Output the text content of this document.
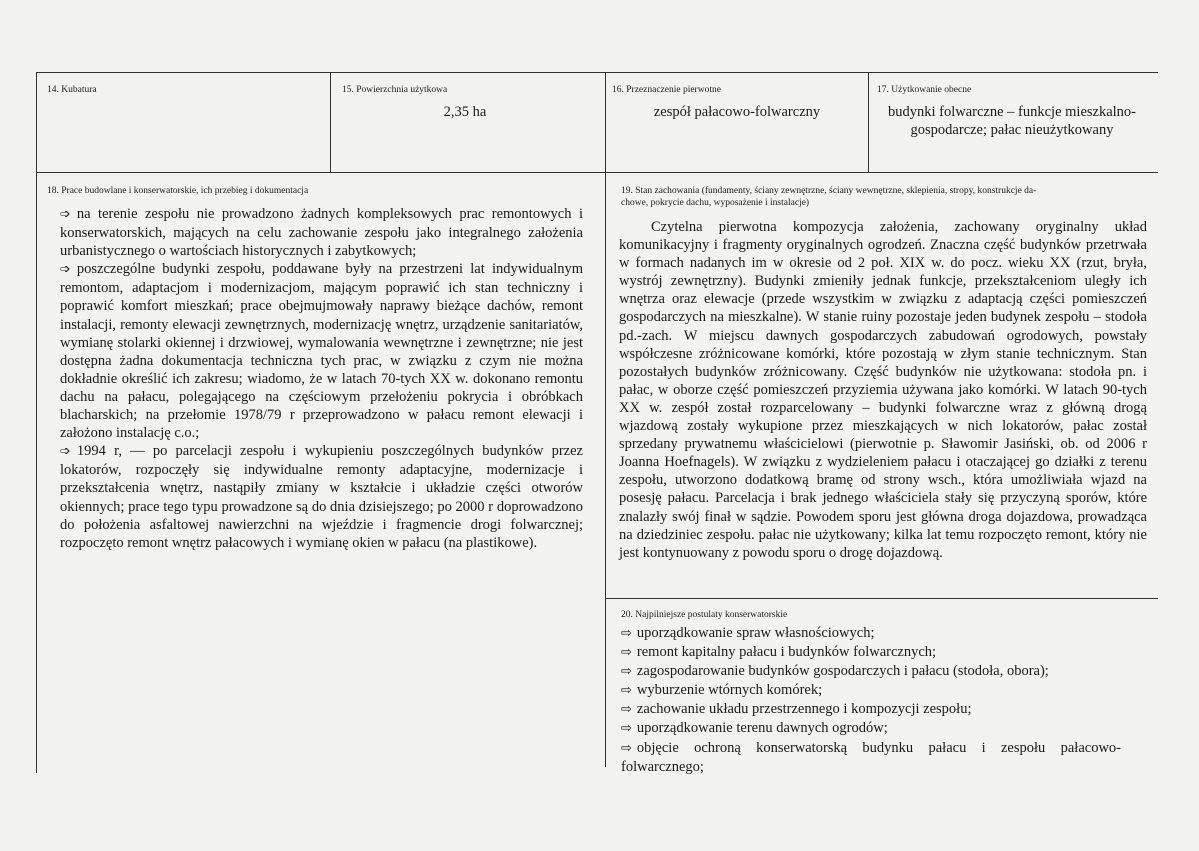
14. Kubatura	15. Powierzchnia użytkowa
2,35 ha
16. Przeznaczenie pierwotne
zespół pałacowo-folwarczny
17. Użytkowanie obecne
budynki folwarczne – funkcje mieszkalno-
gospodarcze; pałac nieużytkowany
18. Prace budowlane i konserwatorskie, ich przebieg i dokumentacja

➩ na terenie zespołu nie prowadzono żadnych kompleksowych prac remontowych i konserwatorskich, mających na celu zachowanie zespołu jako integralnego założenia urbanistycznego o wartościach historycznych i zabytkowych;

➩ poszczególne budynki zespołu, poddawane były na przestrzeni lat indywidualnym remontom, adaptacjom i modernizacjom, mającym poprawić ich stan techniczny i poprawić komfort mieszkań; prace obejmujmowały naprawy bieżące dachów, remont instalacji, remonty elewacji zewnętrznych, modernizację wnętrz, urządzenie sanitariatów, wymianę stolarki okiennej i drzwiowej, wymalowania wewnętrzne i zewnętrzne; nie jest dostępna żadna dokumentacja techniczna tych prac, w związku z czym nie można dokładnie określić ich zakresu; wiadomo, że w latach 70-tych XX w. dokonano remontu dachu na pałacu, polegającego na częściowym przełożeniu pokrycia i obróbkach blacharskich; na przełomie 1978/79 r przeprowadzono w pałacu remont elewacji i założono instalację c.o.;

➩ 1994 r, — po parcelacji zespołu i wykupieniu poszczególnych budynków przez lokatorów, rozpoczęły się indywidualne remonty adaptacyjne, modernizacje i przekształcenia wnętrz, nastąpiły zmiany w kształcie i układzie części otworów okiennych; prace tego typu prowadzone są do dnia dzisiejszego; po 2000 r doprowadzono do położenia asfaltowej nawierzchni na wjeździe i fragmencie drogi folwarcznej; rozpoczęto remont wnętrz pałacowych i wymianę okien w pałacu (na plastikowe).

19. Stan zachowania (fundamenty, ściany zewnętrzne, ściany wewnętrzne, sklepienia, stropy, konstrukcje da-
chowe, pokrycie dachu, wyposażenie i instalacje)

Czytelna pierwotna kompozycja założenia, zachowany oryginalny układ komunikacyjny i fragmenty oryginalnych ogrodzeń. Znaczna część budynków przetrwała w formach nadanych im w okresie od 2 poł. XIX w. do pocz. wieku XX (rzut, bryła, wystrój zewnętrzny). Budynki zmieniły jednak funkcje, przekształceniom uległy ich wnętrza oraz elewacje (przede wszystkim w związku z adaptacją części pomieszczeń gospodarczych na mieszkalne). W stanie ruiny pozostaje jeden budynek zespołu – stodoła pd.-zach. W miejscu dawnych gospodarczych zabudowań ogrodowych, powstały współczesne zróżnicowane komórki, które pozostają w złym stanie technicznym. Stan pozostałych budynków zróżnicowany. Część budynków nie użytkowana: stodoła pn. i pałac, w oborze część pomieszczeń przyziemia używana jako komórki. W latach 90-tych XX w. zespół został rozparcelowany – budynki folwarczne wraz z główną drogą wjazdową zostały wykupione przez mieszkających w nich lokatorów, pałac został sprzedany prywatnemu właścicielowi (pierwotnie p. Sławomir Jasiński, ob. od 2006 r Joanna Hoefnagels). W związku z wydzieleniem pałacu i otaczającej go działki z terenu zespołu, utworzono dodatkową bramę od strony wsch., która umożliwiała wjazd na posesję pałacu. Parcelacja i brak jednego właściciela stały się przyczyną sporów, które znalazły swój finał w sądzie. Powodem sporu jest główna droga dojazdowa, prowadząca na dziedziniec zespołu. pałac nie użytkowany; kilka lat temu rozpoczęto remont, który nie jest kontynuowany z powodu sporu o drogę dojazdową.

20. Najpilniejsze postulaty konserwatorskie
⇨ uporządkowanie spraw własnościowych;
⇨ remont kapitalny pałacu i budynków folwarcznych;
⇨ zagospodarowanie budynków gospodarczych i pałacu (stodoła, obora);
⇨ wyburzenie wtórnych komórek;
⇨ zachowanie układu przestrzennego i kompozycji zespołu;
⇨ uporządkowanie terenu dawnych ogrodów;
⇨ objęcie ochroną konserwatorską budynku pałacu i zespołu pałacowo-folwarcznego;
